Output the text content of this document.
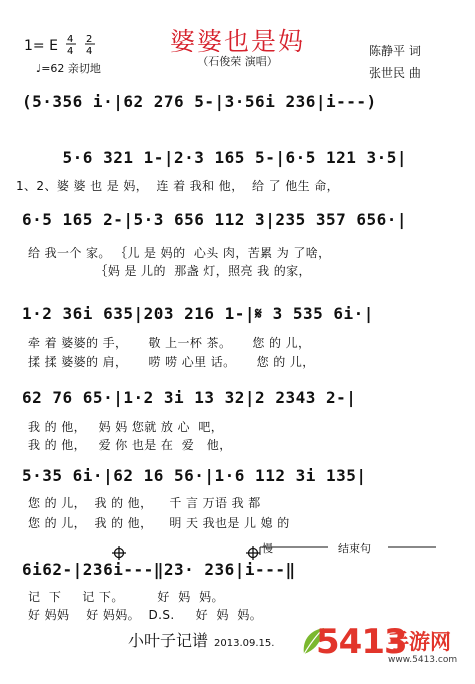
婆婆也是妈
（石俊荣 演唱）
1= E 4
4
2
4
♩=62 亲切地
陈静平 词
张世民 曲
(5·356 i·|62 276 5-|3·56i 236|i---)
5·6 321 1-|2·3 165 5-|6·5 121 3·5|
1、2、婆 婆 也 是 妈，  连 着 我和 他，  给 了 他生 命，
6·5 165 2-|5·3 656 112 3|235 357 656·|
给 我一个 家。 ｛儿 是 妈的  心头 肉，苦累 为 了啥，
｛妈 是 儿的  那盏 灯，照亮 我 的家，
1·2 36i 635|203 216 1-|𝄋 3 535 6i·|
牵 着 婆婆的 手，     敬 上一杯 茶。     您 的 儿，
揉 揉 婆婆的 肩，     唠 唠 心里 话。     您 的 儿，
62 76 65·|1·2 3i 13 32|2 2343 2-|
我 的 他，   妈 妈 您就 放 心  吧，
我 的 他，   爱 你 也是 在  爱   他，
5·35 6i·|62 16 56·|1·6 112 3i 135|
您 的 儿，  我 的 他，    千 言 万语 我 都
您 的 儿，  我 的 他，    明 天 我也是 儿 媳 的
慢	结束句
6i62-|236i---‖23· 236|i---‖
记  下     记 下。        好  妈  妈。
好 妈妈    好 妈妈。  D.S.     好  妈  妈。
小叶子记谱 2013.09.15. 5413
手游网
www.5413.com
